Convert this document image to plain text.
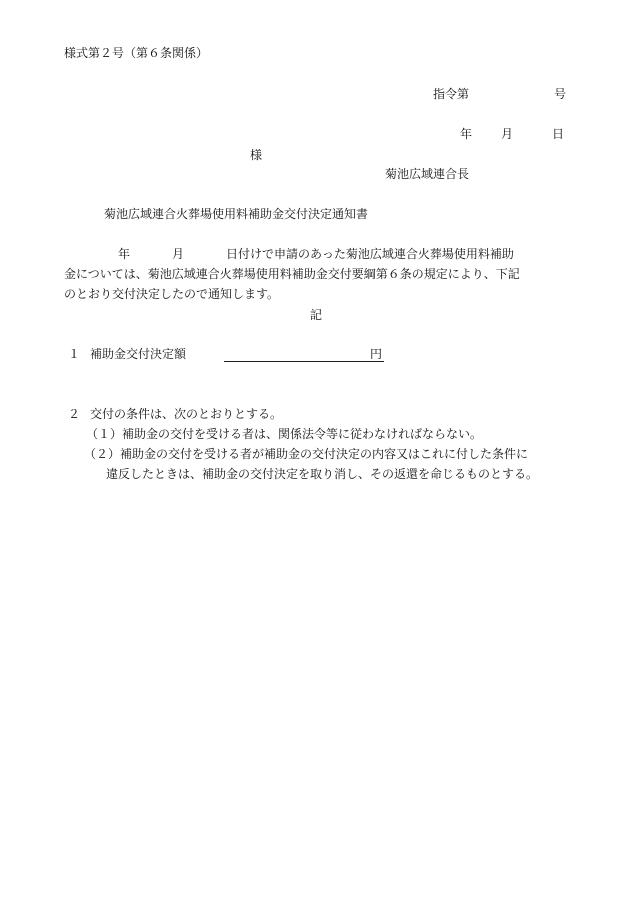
様式第２号（第６条関係）
指令第	号
年 月	日
様
菊池広域連合長
菊池広域連合火葬場使用料補助金交付決定通知書
年	月	日付けで申請のあった菊池広域連合火葬場使用料補助
金については、菊池広域連合火葬場使用料補助金交付要綱第６条の規定により、下記
のとおり交付決定したので通知します。
記
１ 補助金交付決定額	円
２ 交付の条件は、次のとおりとする。
（１）補助金の交付を受ける者は、関係法令等に従わなければならない。
（２）補助金の交付を受ける者が補助金の交付決定の内容又はこれに付した条件に
違反したときは、補助金の交付決定を取り消し、その返還を命じるものとする。
